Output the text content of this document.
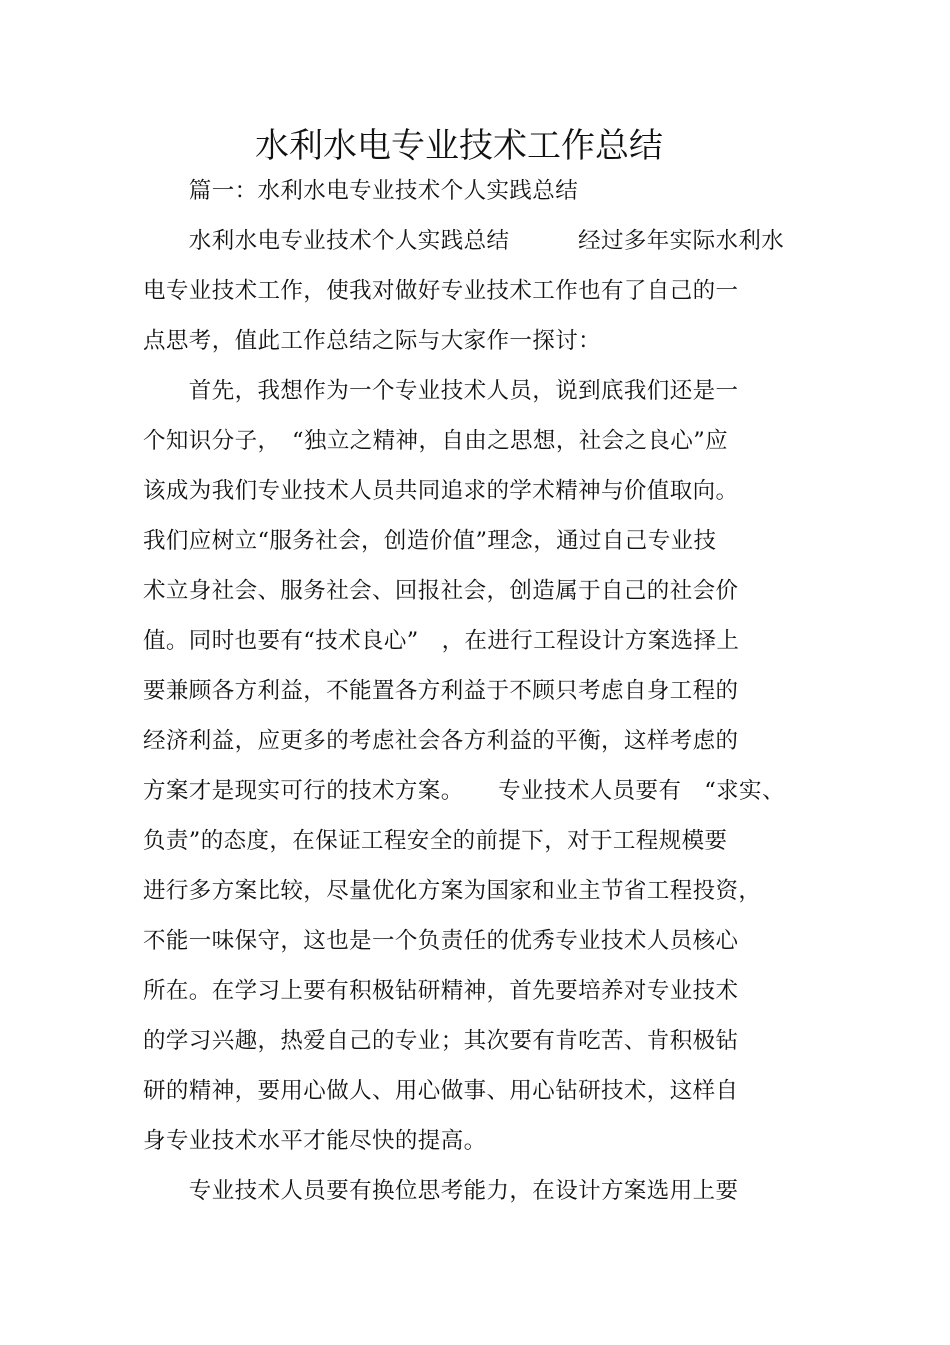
水利水电专业技术工作总结
　　篇一：水利水电专业技术个人实践总结
　　水利水电专业技术个人实践总结　　　经过多年实际水利水
电专业技术工作，使我对做好专业技术工作也有了自己的一
点思考，值此工作总结之际与大家作一探讨：
　　首先，我想作为一个专业技术人员，说到底我们还是一
个知识分子，　“独立之精神，自由之思想，社会之良心”应
该成为我们专业技术人员共同追求的学术精神与价值取向。
我们应树立“服务社会，创造价值”理念，通过自己专业技
术立身社会、服务社会、回报社会，创造属于自己的社会价
值。同时也要有“技术良心”　，在进行工程设计方案选择上
要兼顾各方利益，不能置各方利益于不顾只考虑自身工程的
经济利益，应更多的考虑社会各方利益的平衡，这样考虑的
方案才是现实可行的技术方案。　　专业技术人员要有　“求实、
负责”的态度，在保证工程安全的前提下，对于工程规模要
进行多方案比较，尽量优化方案为国家和业主节省工程投资，
不能一味保守，这也是一个负责任的优秀专业技术人员核心
所在。在学习上要有积极钻研精神，首先要培养对专业技术
的学习兴趣，热爱自己的专业；其次要有肯吃苦、肯积极钻
研的精神，要用心做人、用心做事、用心钻研技术，这样自
身专业技术水平才能尽快的提高。
　　专业技术人员要有换位思考能力，在设计方案选用上要
